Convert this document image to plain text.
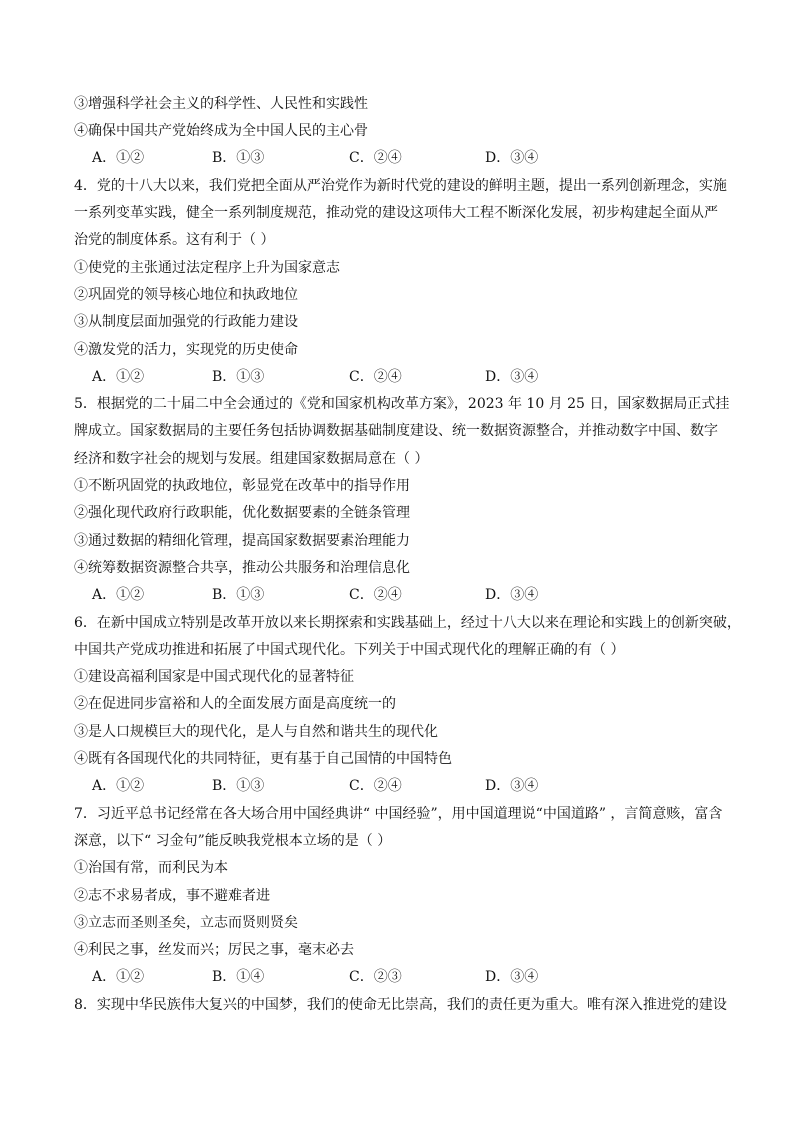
③增强科学社会主义的科学性、人民性和实践性
④确保中国共产党始终成为全中国人民的主心骨
A．①②	B．①③	C．②④	D．③④
4．党的十八大以来，我们党把全面从严治党作为新时代党的建设的鲜明主题，提出一系列创新理念，实施
一系列变革实践，健全一系列制度规范，推动党的建设这项伟大工程不断深化发展，初步构建起全面从严
治党的制度体系。这有利于（ ）
①使党的主张通过法定程序上升为国家意志
②巩固党的领导核心地位和执政地位
③从制度层面加强党的行政能力建设
④激发党的活力，实现党的历史使命
A．①②	B．①③	C．②④	D．③④
5．根据党的二十届二中全会通过的《党和国家机构改革方案》，2023 年 10 月 25 日，国家数据局正式挂
牌成立。国家数据局的主要任务包括协调数据基础制度建设、统一数据资源整合，并推动数字中国、数字
经济和数字社会的规划与发展。组建国家数据局意在（ ）
①不断巩固党的执政地位，彰显党在改革中的指导作用
②强化现代政府行政职能，优化数据要素的全链条管理
③通过数据的精细化管理，提高国家数据要素治理能力
④统筹数据资源整合共享，推动公共服务和治理信息化
A．①②	B．①③	C．②④	D．③④
6．在新中国成立特别是改革开放以来长期探索和实践基础上，经过十八大以来在理论和实践上的创新突破，
中国共产党成功推进和拓展了中国式现代化。下列关于中国式现代化的理解正确的有（ ）
①建设高福利国家是中国式现代化的显著特征
②在促进同步富裕和人的全面发展方面是高度统一的
③是人口规模巨大的现代化，是人与自然和谐共生的现代化
④既有各国现代化的共同特征，更有基于自己国情的中国特色
A．①②	B．①③	C．②④	D．③④
7．习近平总书记经常在各大场合用中国经典讲“ 中国经验”，用中国道理说“中国道路” ，言简意赅，富含
深意，以下“ 习金句”能反映我党根本立场的是（ ）
①治国有常，而利民为本
②志不求易者成，事不避难者进
③立志而圣则圣矣，立志而贤则贤矣
④利民之事，丝发而兴；厉民之事，毫末必去
A．①②	B．①④	C．②③	D．③④
8．实现中华民族伟大复兴的中国梦，我们的使命无比崇高，我们的责任更为重大。唯有深入推进党的建设
